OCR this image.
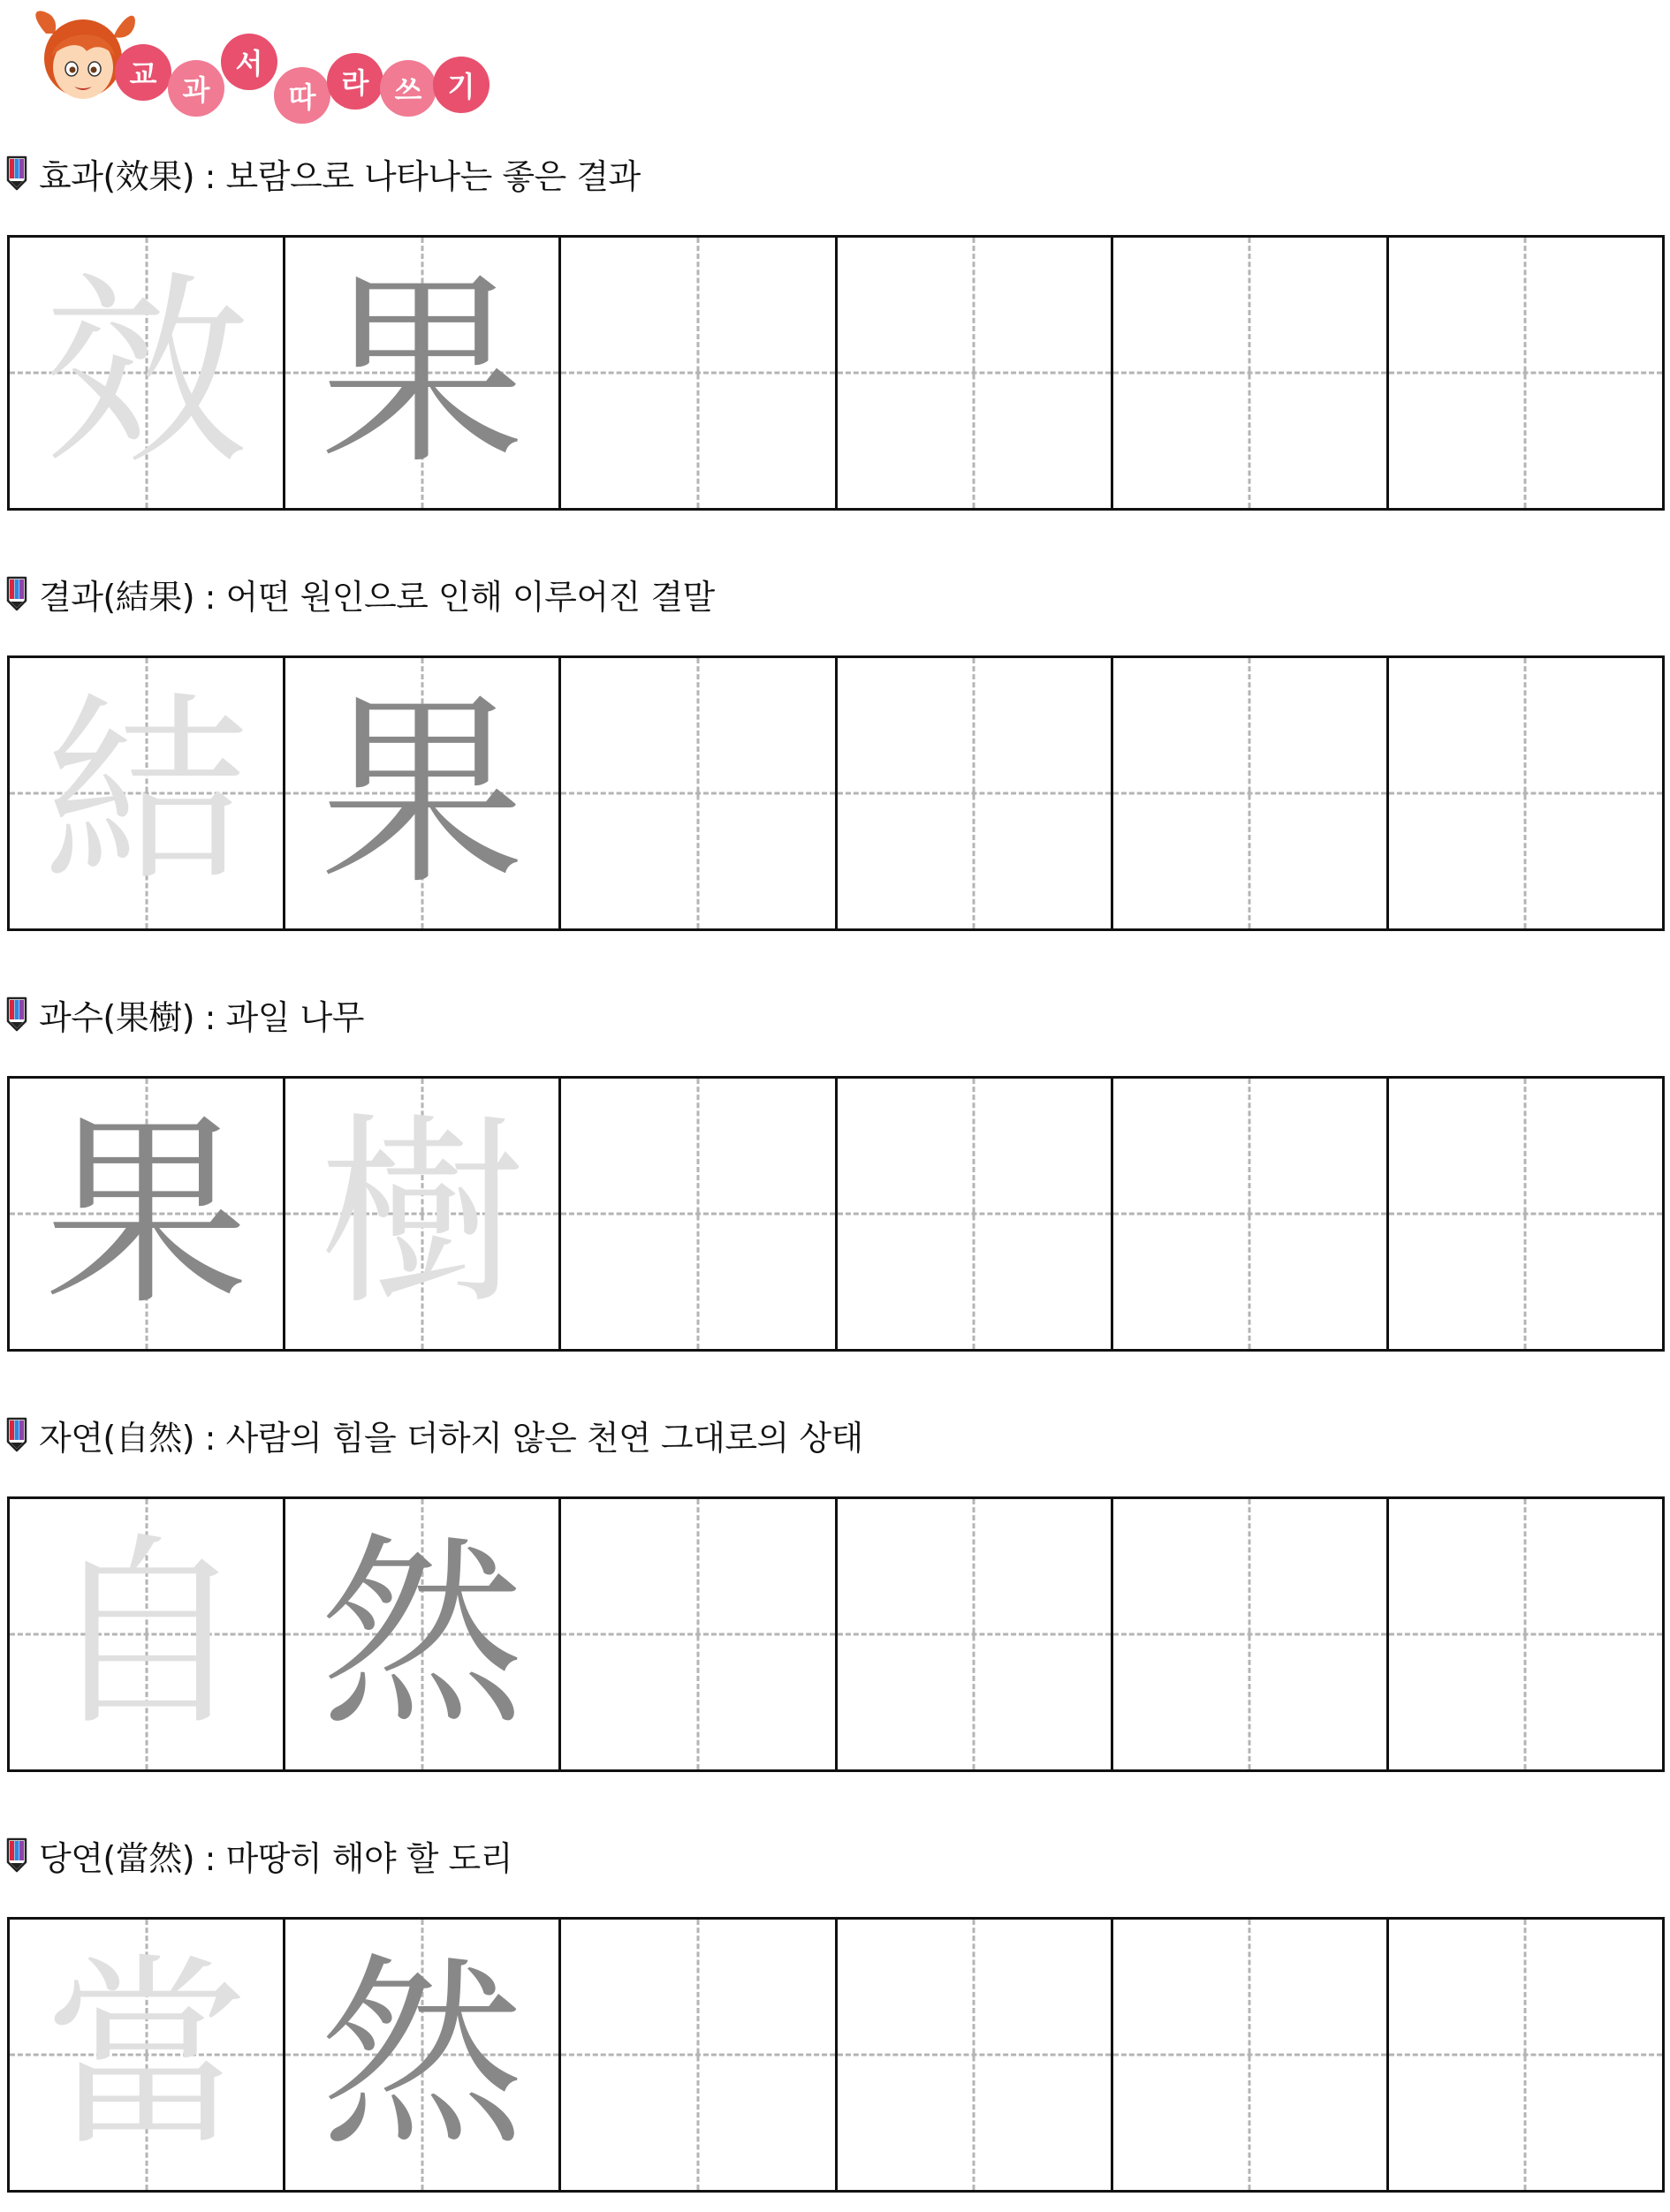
교 과
서
따 라 쓰 기
효과(效果) : 보람으로 나타나는 좋은 결과
效 果
결과(結果) : 어떤 원인으로 인해 이루어진 결말
結 果
과수(果樹) : 과일 나무
果 樹
자연(自然) : 사람의 힘을 더하지 않은 천연 그대로의 상태
自 然
당연(當然) : 마땅히 해야 할 도리
當 然
